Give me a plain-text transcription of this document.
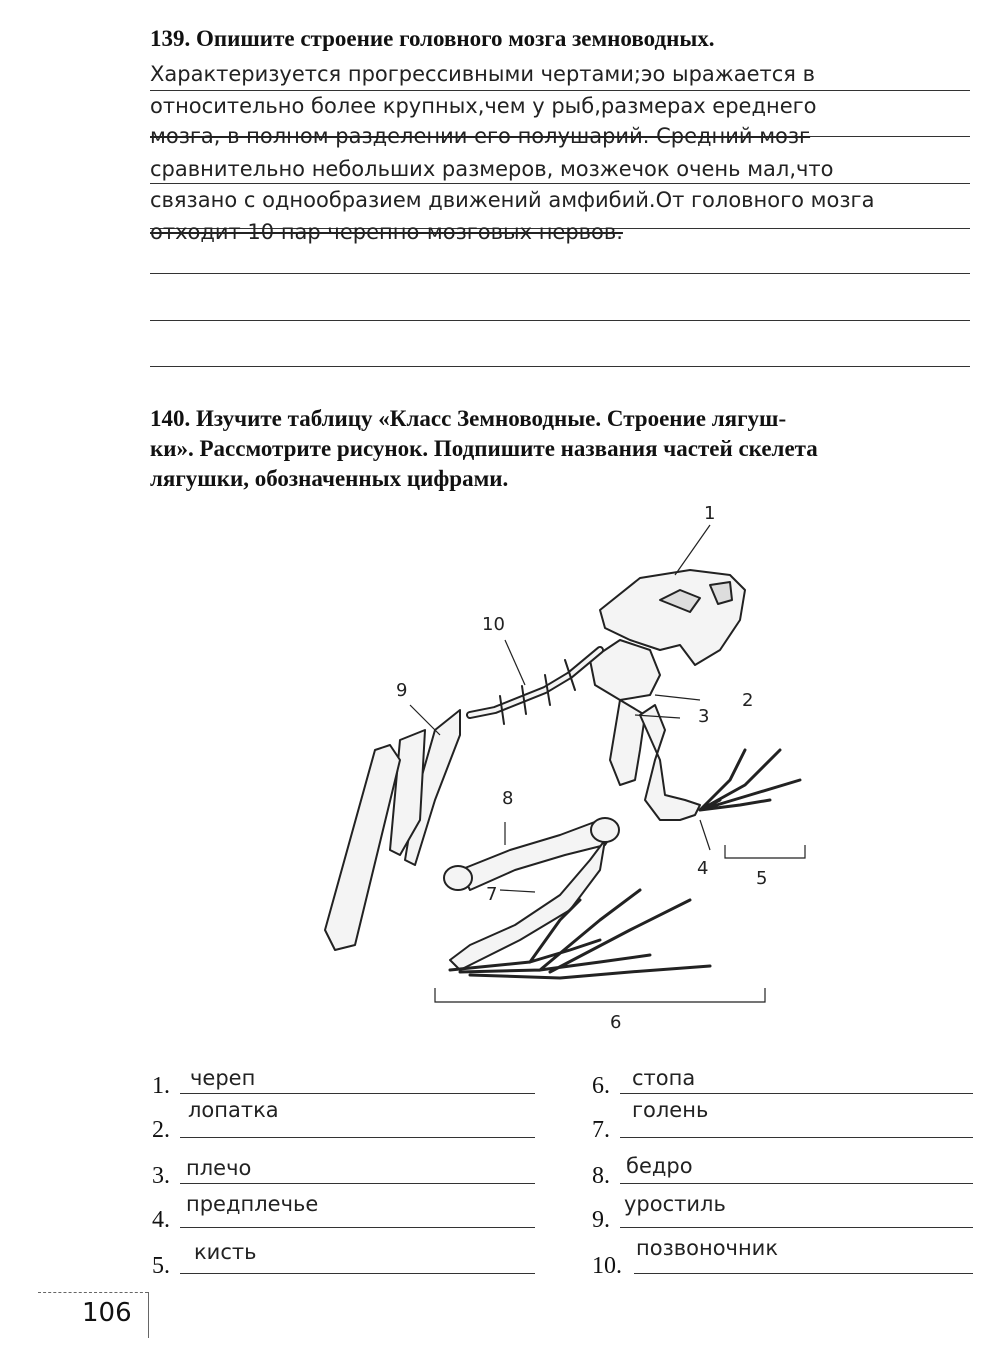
139. Опишите строение головного мозга земноводных.
Характеризуется прогрессивными чертами;эо ыражается в
относительно более крупных,чем у рыб,размерах ереднего
мозга, в полном разделении его полушарий. Средний мозг
сравнительно небольших размеров, мозжечок очень мал,что
связано с однообразием движений амфибий.От головного мозга
отходит 10 пар черепно-мозговых нервов.
140. Изучите таблицу «Класс Земноводные. Строение лягуш-
ки». Рассмотрите рисунок. Подпишите названия частей скелета
лягушки, обозначенных цифрами.
1
2
3
4	5
6
7
8
9
10
1. череп
2.
лопатка
3. плечо
4.
предплечье
5.
кисть
6. стопа
7.
голень
8. бедро
9.
уростиль
10.
позвоночник
106
